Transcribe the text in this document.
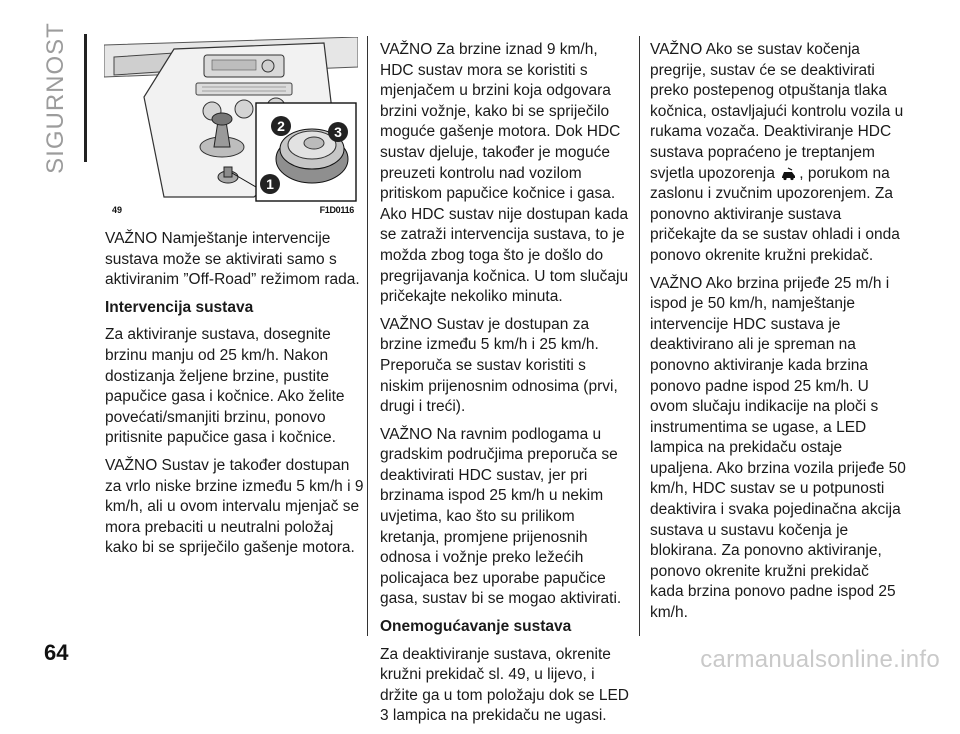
SIGURNOST	2	3
1
49	F1D0116

VAŽNO Namještanje intervencije sustava može se aktivirati samo s aktiviranim ”Off-Road” režimom rada.

Intervencija sustava

Za aktiviranje sustava, dosegnite brzinu manju od 25 km/h. Nakon dostizanja željene brzine, pustite papučice gasa i kočnice. Ako želite povećati/smanjiti brzinu, ponovo pritisnite papučice gasa i kočnice.

VAŽNO Sustav je također dostupan za vrlo niske brzine između 5 km/h i 9 km/h, ali u ovom intervalu mjenjač se mora prebaciti u neutralni položaj kako bi se spriječilo gašenje motora.

VAŽNO Za brzine iznad 9 km/h, HDC sustav mora se koristiti s mjenjačem u brzini koja odgovara brzini vožnje, kako bi se spriječilo moguće gašenje motora. Dok HDC sustav djeluje, također je moguće preuzeti kontrolu nad vozilom pritiskom papučice kočnice i gasa. Ako HDC sustav nije dostupan kada se zatraži intervencija sustava, to je možda zbog toga što je došlo do pregrijavanja kočnica. U tom slučaju pričekajte nekoliko minuta.

VAŽNO Sustav je dostupan za brzine između 5 km/h i 25 km/h. Preporuča se sustav koristiti s niskim prijenosnim odnosima (prvi, drugi i treći).

VAŽNO Na ravnim podlogama u gradskim područjima preporuča se deaktivirati HDC sustav, jer pri brzinama ispod 25 km/h u nekim uvjetima, kao što su prilikom kretanja, promjene prijenosnih odnosa i vožnje preko ležećih policajaca bez uporabe papučice gasa, sustav bi se mogao aktivirati.

Onemogućavanje sustava

Za deaktiviranje sustava, okrenite kružni prekidač sl. 49, u lijevo, i držite ga u tom položaju dok se LED 3 lampica na prekidaču ne ugasi.

VAŽNO Ako se sustav kočenja pregrije, sustav će se deaktivirati preko postepenog otpuštanja tlaka kočnica, ostavljajući kontrolu vozila u rukama vozača. Deaktiviranje HDC sustava popraćeno je treptanjem svjetla upozorenja , porukom na zaslonu i zvučnim upozorenjem. Za ponovno aktiviranje sustava pričekajte da se sustav ohladi i onda ponovo okrenite kružni prekidač.

VAŽNO Ako brzina prijeđe 25 m/h i ispod je 50 km/h, namještanje intervencije HDC sustava je deaktivirano ali je spreman na ponovno aktiviranje kada brzina ponovo padne ispod 25 km/h. U ovom slučaju indikacije na ploči s instrumentima se ugase, a LED lampica na prekidaču ostaje upaljena. Ako brzina vozila prijeđe 50 km/h, HDC sustav se u potpunosti deaktivira i svaka pojedinačna akcija sustava u sustavu kočenja je blokirana. Za ponovno aktiviranje, ponovo okrenite kružni prekidač kada brzina ponovo padne ispod 25 km/h.

64	carmanualsonline.info
